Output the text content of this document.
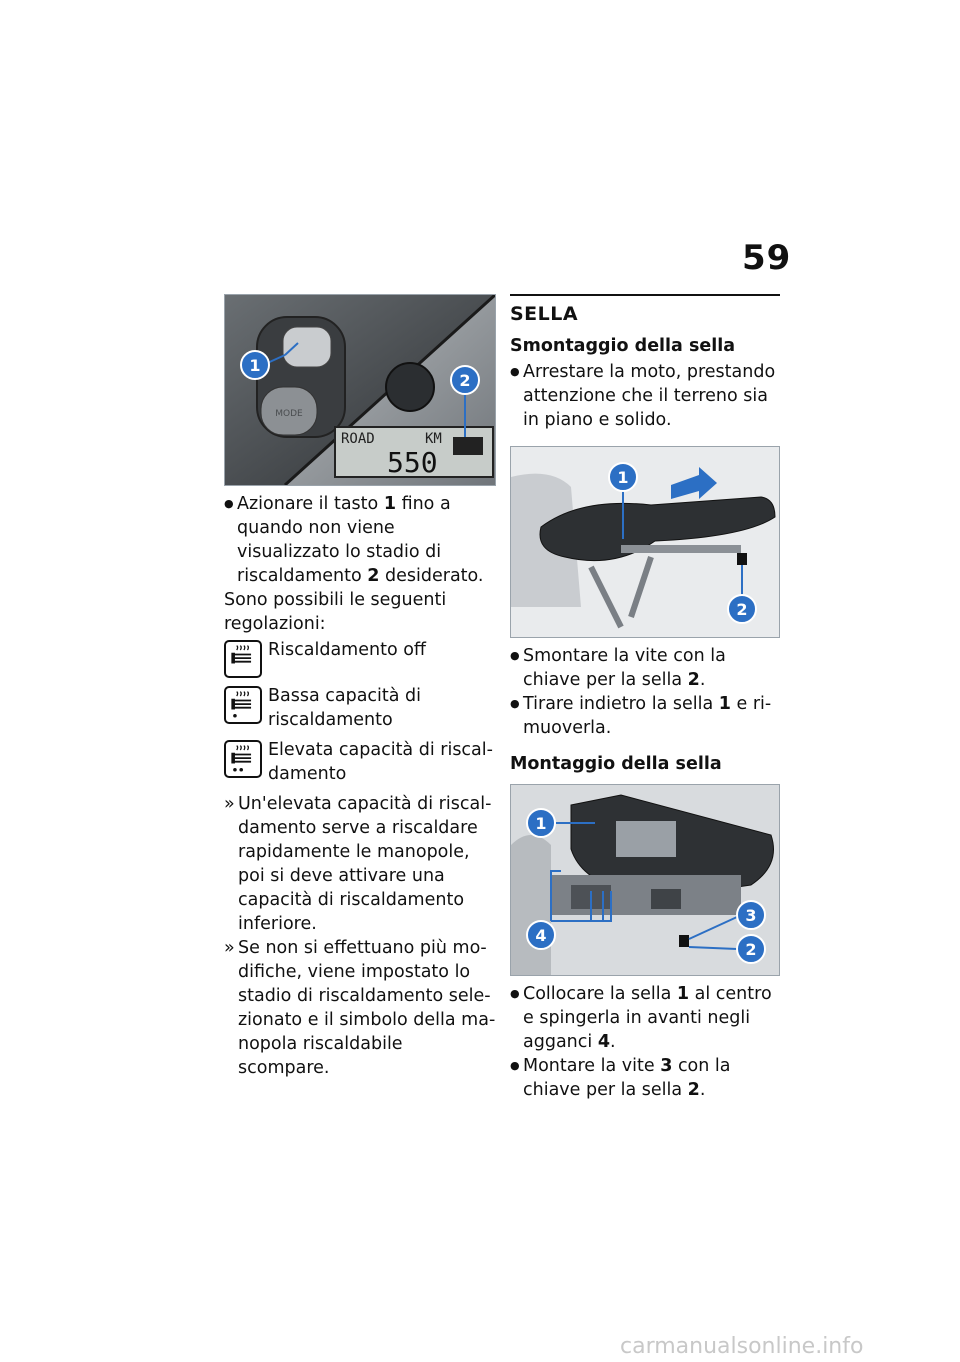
59
MODE
ROAD	KM
550
1
2

● Azionare il tasto 1 fino a quando non viene visualizzato lo stadio di riscaldamento 2 desiderato.

Sono possibili le seguenti regolazioni:

Riscaldamento off
Bassa capacità di riscaldamento
Elevata capacità di riscaldamento

» Un'elevata capacità di riscaldamento serve a riscaldare rapidamente le manopole, poi si deve attivare una capacità di riscaldamento inferiore.

» Se non si effettuano più modifiche, viene impostato lo stadio di riscaldamento selezionato e il simbolo della manopola riscaldabile scompare.

SELLA
Smontaggio della sella

● Arrestare la moto, prestando attenzione che il terreno sia in piano e solido.

1
2

● Smontare la vite con la chiave per la sella 2.

● Tirare indietro la sella 1 e rimuoverla.

Montaggio della sella
1
4
3
2

● Collocare la sella 1 al centro e spingerla in avanti negli agganci 4.

● Montare la vite 3 con la chiave per la sella 2.

carmanualsonline.info
